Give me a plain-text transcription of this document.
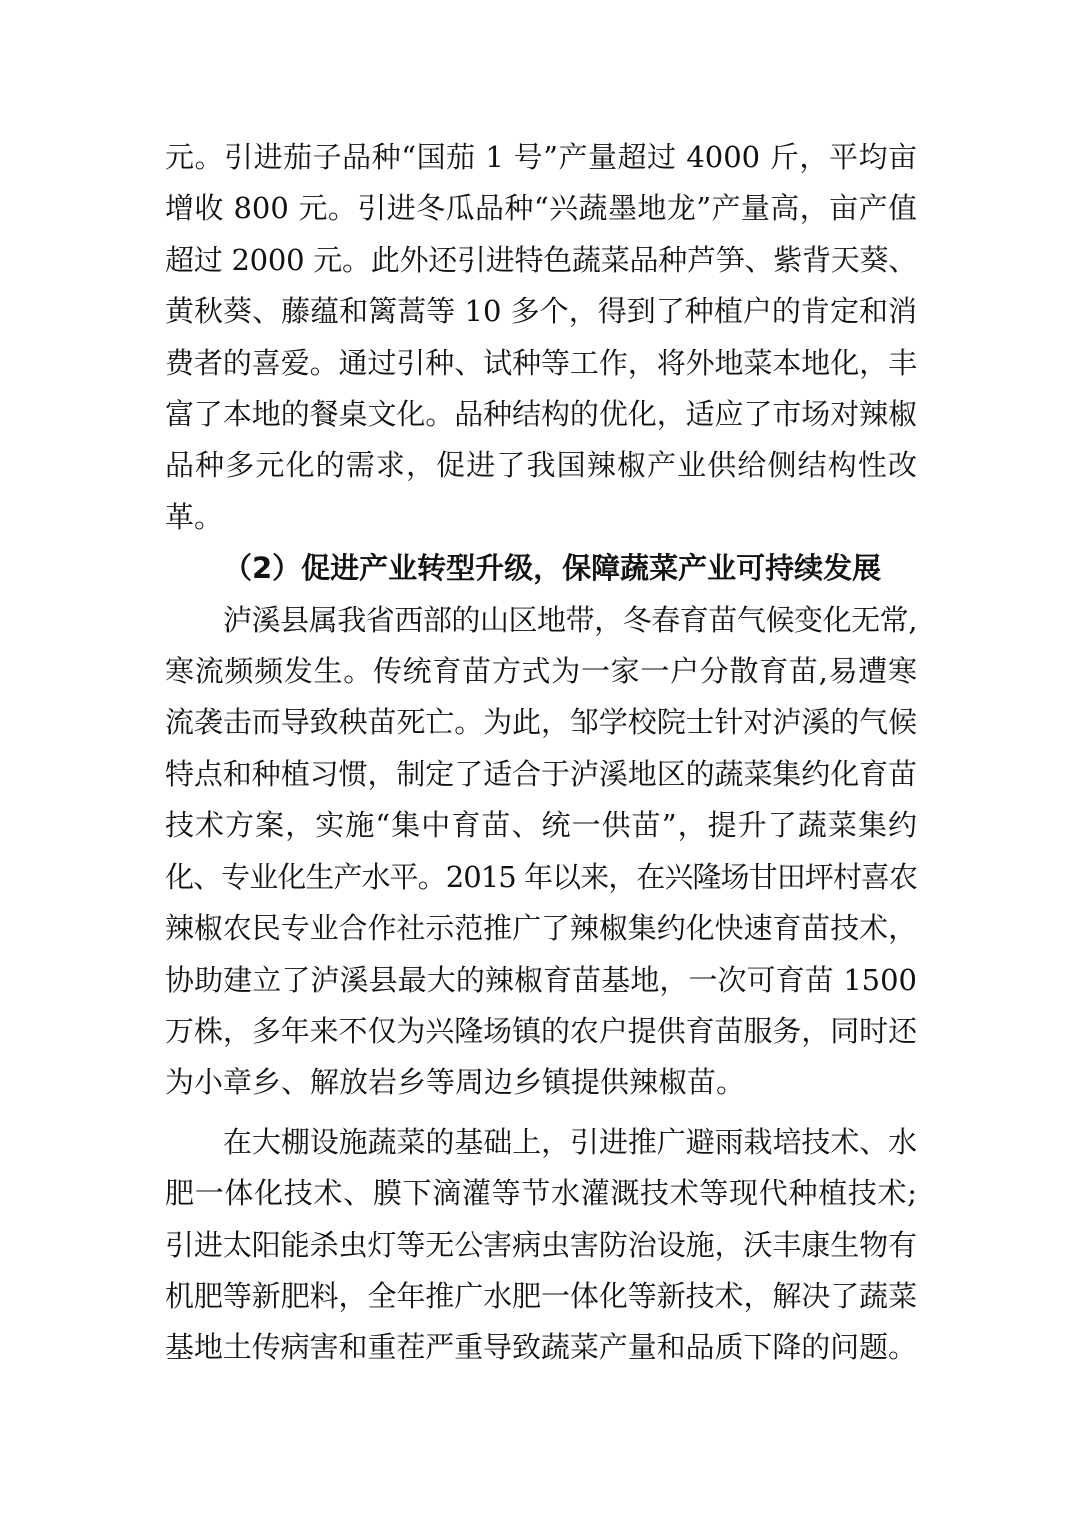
元。引进茄子品种“国茄 1 号”产量超过 4000 斤，平均亩
增收 800 元。引进冬瓜品种“兴蔬墨地龙”产量高，亩产值
超过 2000 元。此外还引进特色蔬菜品种芦笋、紫背天葵、
黄秋葵、藤蕴和篱蒿等 10 多个，得到了种植户的肯定和消
费者的喜爱。通过引种、试种等工作，将外地菜本地化，丰
富了本地的餐桌文化。品种结构的优化，适应了市场对辣椒
品种多元化的需求，促进了我国辣椒产业供给侧结构性改
革。

（2）促进产业转型升级，保障蔬菜产业可持续发展

泸溪县属我省西部的山区地带，冬春育苗气候变化无常,
寒流频频发生。传统育苗方式为一家一户分散育苗,易遭寒
流袭击而导致秧苗死亡。为此，邹学校院士针对泸溪的气候
特点和种植习惯，制定了适合于泸溪地区的蔬菜集约化育苗
技术方案，实施“集中育苗、统一供苗”，提升了蔬菜集约
化、专业化生产水平。2015 年以来，在兴隆场甘田坪村喜农
辣椒农民专业合作社示范推广了辣椒集约化快速育苗技术，
协助建立了泸溪县最大的辣椒育苗基地，一次可育苗 1500
万株，多年来不仅为兴隆场镇的农户提供育苗服务，同时还
为小章乡、解放岩乡等周边乡镇提供辣椒苗。

在大棚设施蔬菜的基础上，引进推广避雨栽培技术、水
肥一体化技术、膜下滴灌等节水灌溉技术等现代种植技术;
引进太阳能杀虫灯等无公害病虫害防治设施，沃丰康生物有
机肥等新肥料，全年推广水肥一体化等新技术，解决了蔬菜
基地土传病害和重茬严重导致蔬菜产量和品质下降的问题。
